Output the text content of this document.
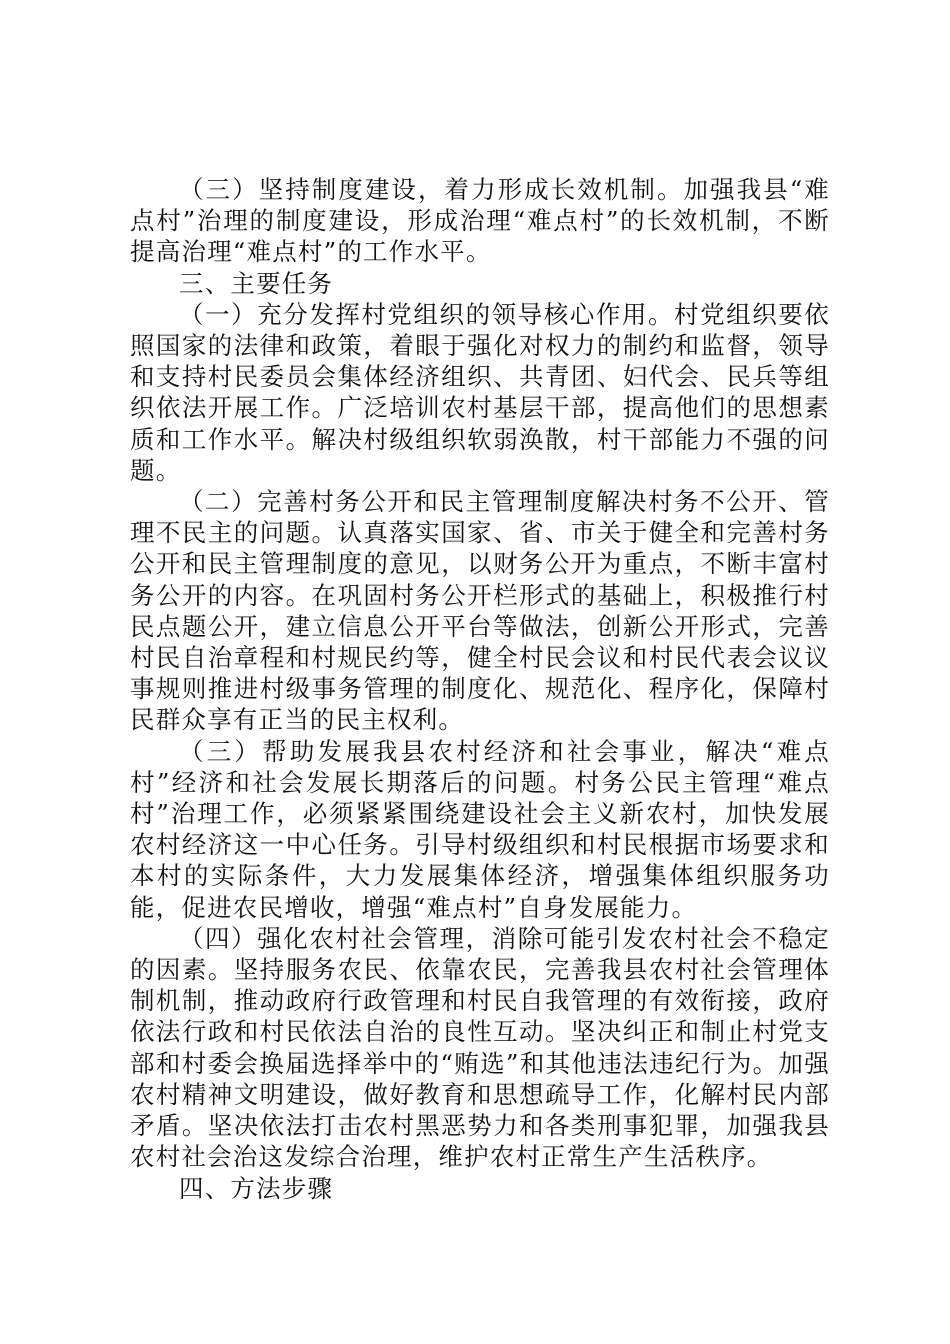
（三）坚持制度建设，着力形成长效机制。加强我县“难点村”治理的制度建设，形成治理“难点村”的长效机制，不断提高治理“难点村”的工作水平。

三、主要任务

（一）充分发挥村党组织的领导核心作用。村党组织要依照国家的法律和政策，着眼于强化对权力的制约和监督，领导和支持村民委员会集体经济组织、共青团、妇代会、民兵等组织依法开展工作。广泛培训农村基层干部，提高他们的思想素质和工作水平。解决村级组织软弱涣散，村干部能力不强的问题。

（二）完善村务公开和民主管理制度解决村务不公开、管理不民主的问题。认真落实国家、省、市关于健全和完善村务公开和民主管理制度的意见，以财务公开为重点，不断丰富村务公开的内容。在巩固村务公开栏形式的基础上，积极推行村民点题公开，建立信息公开平台等做法，创新公开形式，完善村民自治章程和村规民约等，健全村民会议和村民代表会议议事规则推进村级事务管理的制度化、规范化、程序化，保障村民群众享有正当的民主权利。

（三）帮助发展我县农村经济和社会事业，解决“难点村”经济和社会发展长期落后的问题。村务公民主管理“难点村”治理工作，必须紧紧围绕建设社会主义新农村，加快发展农村经济这一中心任务。引导村级组织和村民根据市场要求和本村的实际条件，大力发展集体经济，增强集体组织服务功能，促进农民增收，增强“难点村”自身发展能力。

（四）强化农村社会管理，消除可能引发农村社会不稳定的因素。坚持服务农民、依靠农民，完善我县农村社会管理体制机制，推动政府行政管理和村民自我管理的有效衔接，政府依法行政和村民依法自治的良性互动。坚决纠正和制止村党支部和村委会换届选择举中的“贿选”和其他违法违纪行为。加强农村精神文明建设，做好教育和思想疏导工作，化解村民内部矛盾。坚决依法打击农村黑恶势力和各类刑事犯罪，加强我县农村社会治这发综合治理，维护农村正常生产生活秩序。

四、方法步骤
